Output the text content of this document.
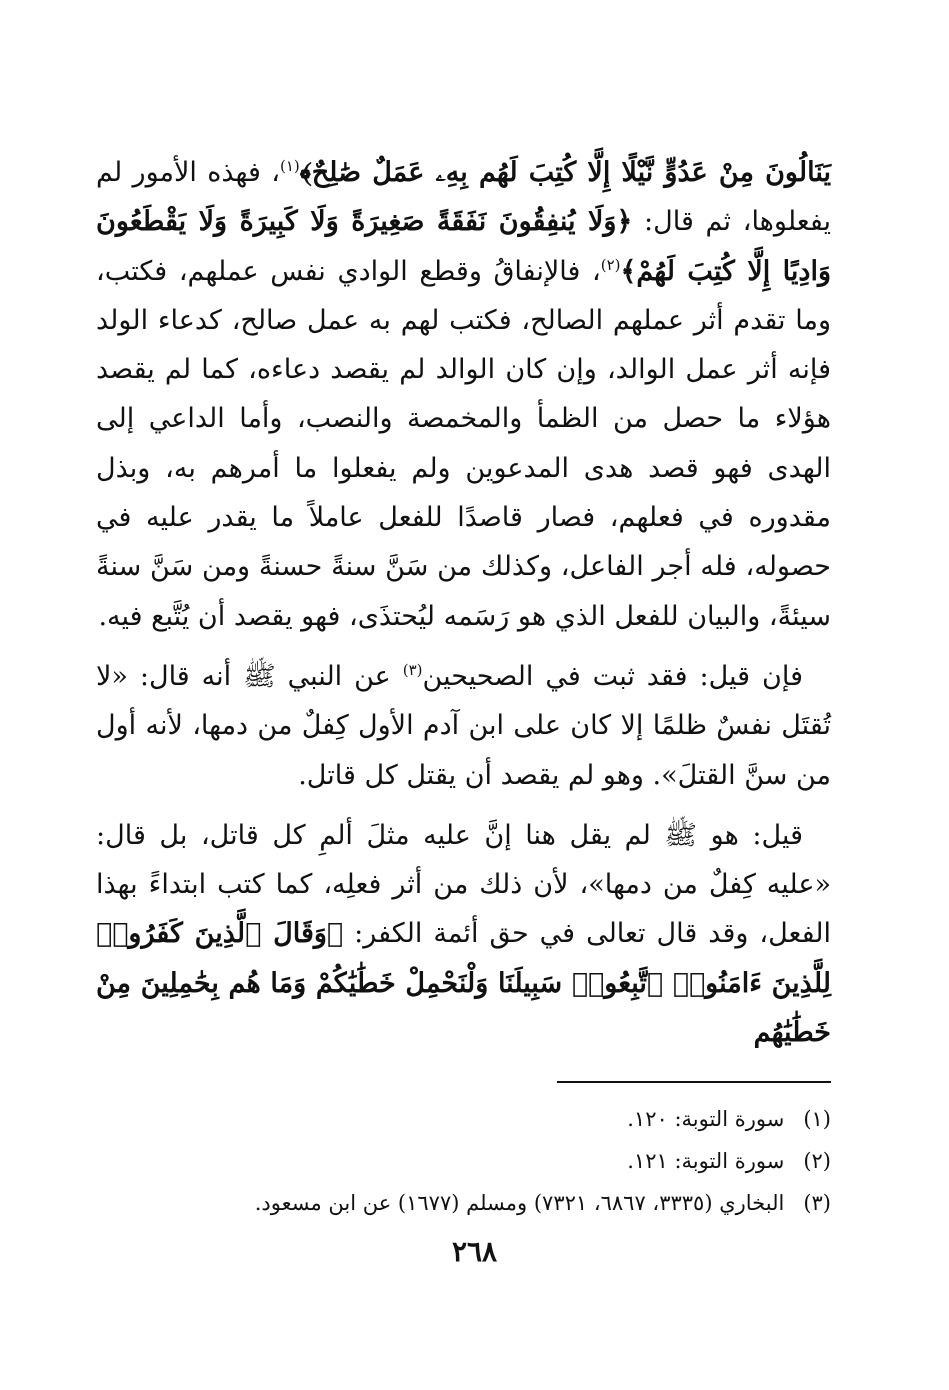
يَنَالُونَ مِنْ عَدُوٍّ نَّيْلًا إِلَّا كُتِبَ لَهُم بِهِۦ عَمَلٌ صَٰلِحٌ﴾$^{(١)}$، فهذه الأمور لم يفعلوها، ثم قال: ﴿وَلَا يُنفِقُونَ نَفَقَةً صَغِيرَةً وَلَا كَبِيرَةً وَلَا يَقْطَعُونَ وَادِيًا إِلَّا كُتِبَ لَهُمْ﴾$^{(٢)}$، فالإنفاقُ وقطع الوادي نفس عملهم، فكتب، وما تقدم أثر عملهم الصالح، فكتب لهم به عمل صالح، كدعاء الولد فإنه أثر عمل الوالد، وإن كان الوالد لم يقصد دعاءه، كما لم يقصد هؤلاء ما حصل من الظمأ والمخمصة والنصب، وأما الداعي إلى الهدى فهو قصد هدى المدعوين ولم يفعلوا ما أمرهم به، وبذل مقدوره في فعلهم، فصار قاصدًا للفعل عاملاً ما يقدر عليه في حصوله، فله أجر الفاعل، وكذلك من سَنَّ سنةً حسنةً ومن سَنَّ سنةً سيئةً، والبيان للفعل الذي هو رَسَمه ليُحتذَى، فهو يقصد أن يُتَّبع فيه.

فإن قيل: فقد ثبت في الصحيحين$^{(٣)}$ عن النبي ﷺ أنه قال: «لا تُقتَل نفسٌ ظلمًا إلا كان على ابن آدم الأول كِفلٌ من دمها، لأنه أول من سنَّ القتلَ». وهو لم يقصد أن يقتل كل قاتل.

قيل: هو ﷺ لم يقل هنا إنَّ عليه مثلَ ألمِ كل قاتل، بل قال: «عليه كِفلٌ من دمها»، لأن ذلك من أثر فعلِه، كما كتب ابتداءً بهذا الفعل، وقد قال تعالى في حق أئمة الكفر: ﴿وَقَالَ ٱلَّذِينَ كَفَرُوا۟ لِلَّذِينَ ءَامَنُوا۟ ٱتَّبِعُوا۟ سَبِيلَنَا وَلْنَحْمِلْ خَطَٰيَٰكُمْ وَمَا هُم بِحَٰمِلِينَ مِنْ خَطَٰيَٰهُم

(١) سورة التوبة: ١٢٠.
(٢) سورة التوبة: ١٢١.
(٣) البخاري (٣٣٣٥، ٦٨٦٧، ٧٣٢١) ومسلم (١٦٧٧) عن ابن مسعود.
٢٦٨
